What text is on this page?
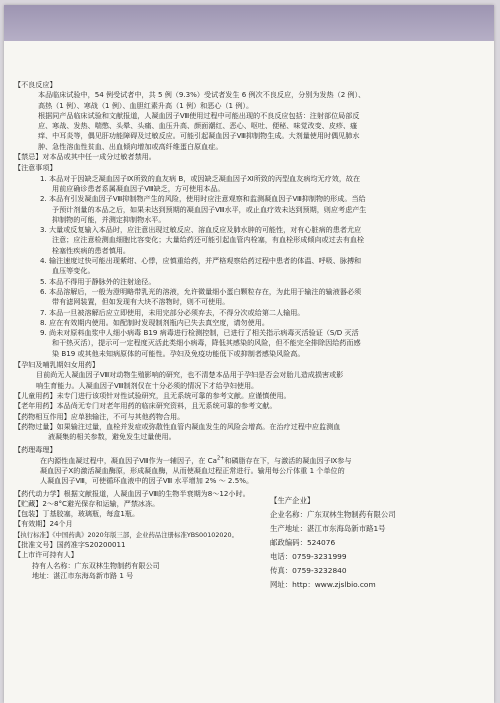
【不良反应】
本品临床试验中，54 例受试者中，共 5 例（9.3%）受试者发生 6 例次不良反应，分别为发热（2 例）、
高热（1 例）、寒战（1 例）、血胆红素升高（1 例）和恶心（1 例）。
根据同产品临床试验和文献报道，人凝血因子Ⅷ使用过程中可能出现的不良反应包括：注射部位局部反
应、寒战、发热、喘憋、头晕、头痛、血压升高、颜面潮红、恶心、呕吐、便秘、味觉改变、皮疹、瘙
痒、中耳炎等，偶见肝功能障碍及过敏反应。可能引起凝血因子Ⅷ抑制物生成。大剂量使用时偶见肺水
肿、急性溶血性贫血、出血倾向增加或高纤维蛋白原血症。
【禁忌】对本品或其中任一成分过敏者禁用。
【注意事项】
1. 本品对于因缺乏凝血因子Ⅸ所致的血友病 B，或因缺乏凝血因子Ⅺ所致的丙型血友病均无疗效，故在
用前应确诊患者系属凝血因子Ⅷ缺乏，方可使用本品。
2. 本品有引发凝血因子Ⅷ抑制物产生的风险，使用时应注意观察和监测凝血因子Ⅷ抑制物的形成。当给
予预计剂量的本品之后，如果未达到预期的凝血因子Ⅷ水平，或止血疗效未达到预期，则应考虑产生
抑制物的可能，并测定抑制物水平。
3. 大量或反复输入本品时，应注意出现过敏反应、溶血反应及肺水肿的可能性，对有心脏病的患者尤应
注意；应注意检测血细胞比容变化；大量给药还可能引起血管内栓塞，有血栓形成倾向或过去有血栓
栓塞性疾病的患者慎用。
4. 输注速度过快可能出现紫绀、心悸，应慎重给药，并严格观察给药过程中患者的体温、呼吸、脉搏和
血压等变化。
5. 本品不得用于静脉外的注射途径。
6. 本品溶解后，一般为澄明略带乳光的溶液，允许微量细小蛋白颗粒存在，为此用于输注的输液器必须
带有滤网装置，但如发现有大块不溶物时，则不可使用。
7. 本品一旦被溶解后应立即使用，未用完部分必须弃去，不得分次或给第二人输用。
8. 应在有效期内使用。如配制时发现制剂瓶内已失去真空度，请勿使用。
9. 尚未对原料血浆中人细小病毒 B19 病毒进行检测控制，已进行了相关指示病毒灭活验证（S/D 灭活
和干热灭活），提示可一定程度灭活此类细小病毒，降低其感染的风险，但不能完全排除因给药而感
染 B19 或其他未知病原体的可能性。孕妇及免疫功能低下或抑制者感染风险高。
【孕妇及哺乳期妇女用药】
目前尚无人凝血因子Ⅷ对动物生殖影响的研究，也不清楚本品用于孕妇是否会对胎儿造成损害或影
响生育能力。人凝血因子Ⅷ制剂仅在十分必须的情况下才给孕妇使用。
【儿童用药】未专门进行该项针对性试验研究，且无系统可靠的参考文献。应谨慎使用。
【老年用药】本品尚无专门对老年用药的临床研究资料，且无系统可靠的参考文献。
【药物相互作用】应单独输注，不可与其他药物合用。
【药物过量】如果输注过量，血栓并发症或弥散性血管内凝血发生的风险会增高。在治疗过程中应监测血
液凝集的相关参数，避免发生过量使用。
【药理毒理】
在内源性血凝过程中，凝血因子Ⅷ作为一辅因子，在 $Ca^{2+}$和磷脂存在下，与激活的凝血因子Ⅸ参与
凝血因子Ⅹ的激活凝血酶原，形成凝血酶，从而使凝血过程正常进行。输用每公斤体重 1 个单位的
人凝血因子Ⅷ，可使循环血液中的因子Ⅷ 水平增加 2% ～ 2.5%。
【药代动力学】根据文献报道，人凝血因子Ⅷ的生物半衰期为8～12小时。
【贮藏】2～8°C避光保存和运输，严禁冰冻。
【包装】丁基胶塞，玻璃瓶，每盒1瓶。
【有效期】24个月
【执行标准】《中国药典》2020年版三部，企业药品注册标准YBS00102020。
【批准文号】国药准字S20200011
【上市许可持有人】
持有人名称：广东双林生物制药有限公司
地址：湛江市东海岛新市路 1 号
【生产企业】
企业名称：广东双林生物制药有限公司
生产地址：湛江市东海岛新市路1号
邮政编码：524076
电话：0759-3231999
传真：0759-3232840
网址：http：www.zjslbio.com
